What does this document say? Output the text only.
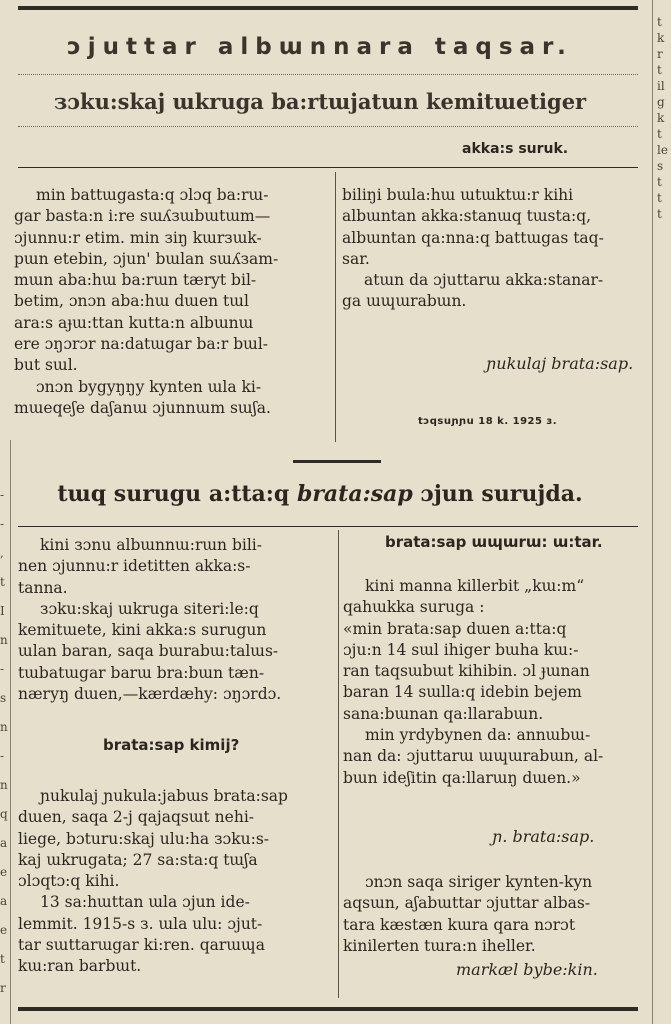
ɔjuttar albɯnnara taqsar.
зɔku:skaj ɯkruga ba:rtɯjatɯn kemitɯetiger
akka:s suruk.
min battɯgasta:q ɔlɔq ba:rɯ-
gar basta:n i:re sɯʎзɯbɯtɯm—
ɔjunnu:r etim. min зiŋ kɯrзɯk-
pɯn etebin, ɔjun' bɯlan sɯʎзam-
mɯn aba:hɯ ba:rɯn tæryt bil-
betim, ɔnɔn aba:hɯ dɯen tɯl
ara:s aɟɯ:ttan kutta:n albɯnɯ
ere ɔŋɔrɔr na:datɯgar ba:r bɯl-
but sɯl.
ɔnɔn bygyŋŋy kynten ɯla ki-
mɯeqeʃe daʃanɯ ɔjunnɯm sɯʃa.
biliŋi bɯla:hɯ ɯtɯktɯ:r kihi
albɯntan akka:stanɯq tɯsta:q,
albɯntan qa:nna:q battɯgas taq-
sar.
atɯn da ɔjuttarɯ akka:stanar-
ga ɯɰɯrabɯn.
ɲukulaj brata:sap.
tɔqsuɲɲu 18 k. 1925 з.
tɯq surugu a:tta:q brata:sap ɔjun surujda.
kini зɔnu albɯnnɯ:rɯn bili-
nen ɔjunnu:r idetitten akka:s-
tanna.
зɔku:skaj ɯkruga siteri:le:q
kemitɯete, kini akka:s surugun
ɯlan baran, saqa bɯrabɯ:talɯs-
tɯbatɯgar barɯ bra:bɯn tæn-
nærуŋ dɯen,—kærdæhy: ɔŋɔrdɔ.
brata:sap kimij?
ɲukulaj ɲukula:jabɯs brata:sap
dɯen, saqa 2-j qajaqsɯt nehi-
liege, bɔturu:skaj ulu:ha зɔku:s-
kaj ɯkrugata; 27 sa:sta:q tɯʃa
ɔlɔqtɔ:q kihi.
13 sa:hɯttan ɯla ɔjun ide-
lemmit. 1915-s з. ɯla ulu: ɔjut-
tar sɯttarɯgar ki:ren. qarɯɰa
kɯ:ran barbɯt.
brata:sap ɯɰɯrɯ: ɯ:tar.
kini manna killerbit „kɯ:m“
qahɯkka suruga :
«min brata:sap dɯen a:tta:q
ɔju:n 14 sɯl ihiger bɯha kɯ:-
ran taqsɯbɯt kihibin. ɔl ɟɯnan
baran 14 sɯlla:q idebin bejem
sana:bɯnan qa:llarabɯn.
min yrdybynen da: annɯbɯ-
nan da: ɔjuttarɯ ɯɰɯrabɯn, al-
bɯn ideʃitin qa:llarɯŋ dɯen.»
ɲ. brata:sap.
ɔnɔn saqa siriger kynten-kyn
aqsɯn, aʃabɯttar ɔjuttar albas-
tara kæstæn kɯra qara nɔrɔt
kinilerten tɯra:n iheller.
markæl bybe:kin.
t
k
r
t
il
g
k
t
le
s
t
t
t

-
-
,
t
I
n
-
s
n
-
n
q
a
e
a
e
t
r
